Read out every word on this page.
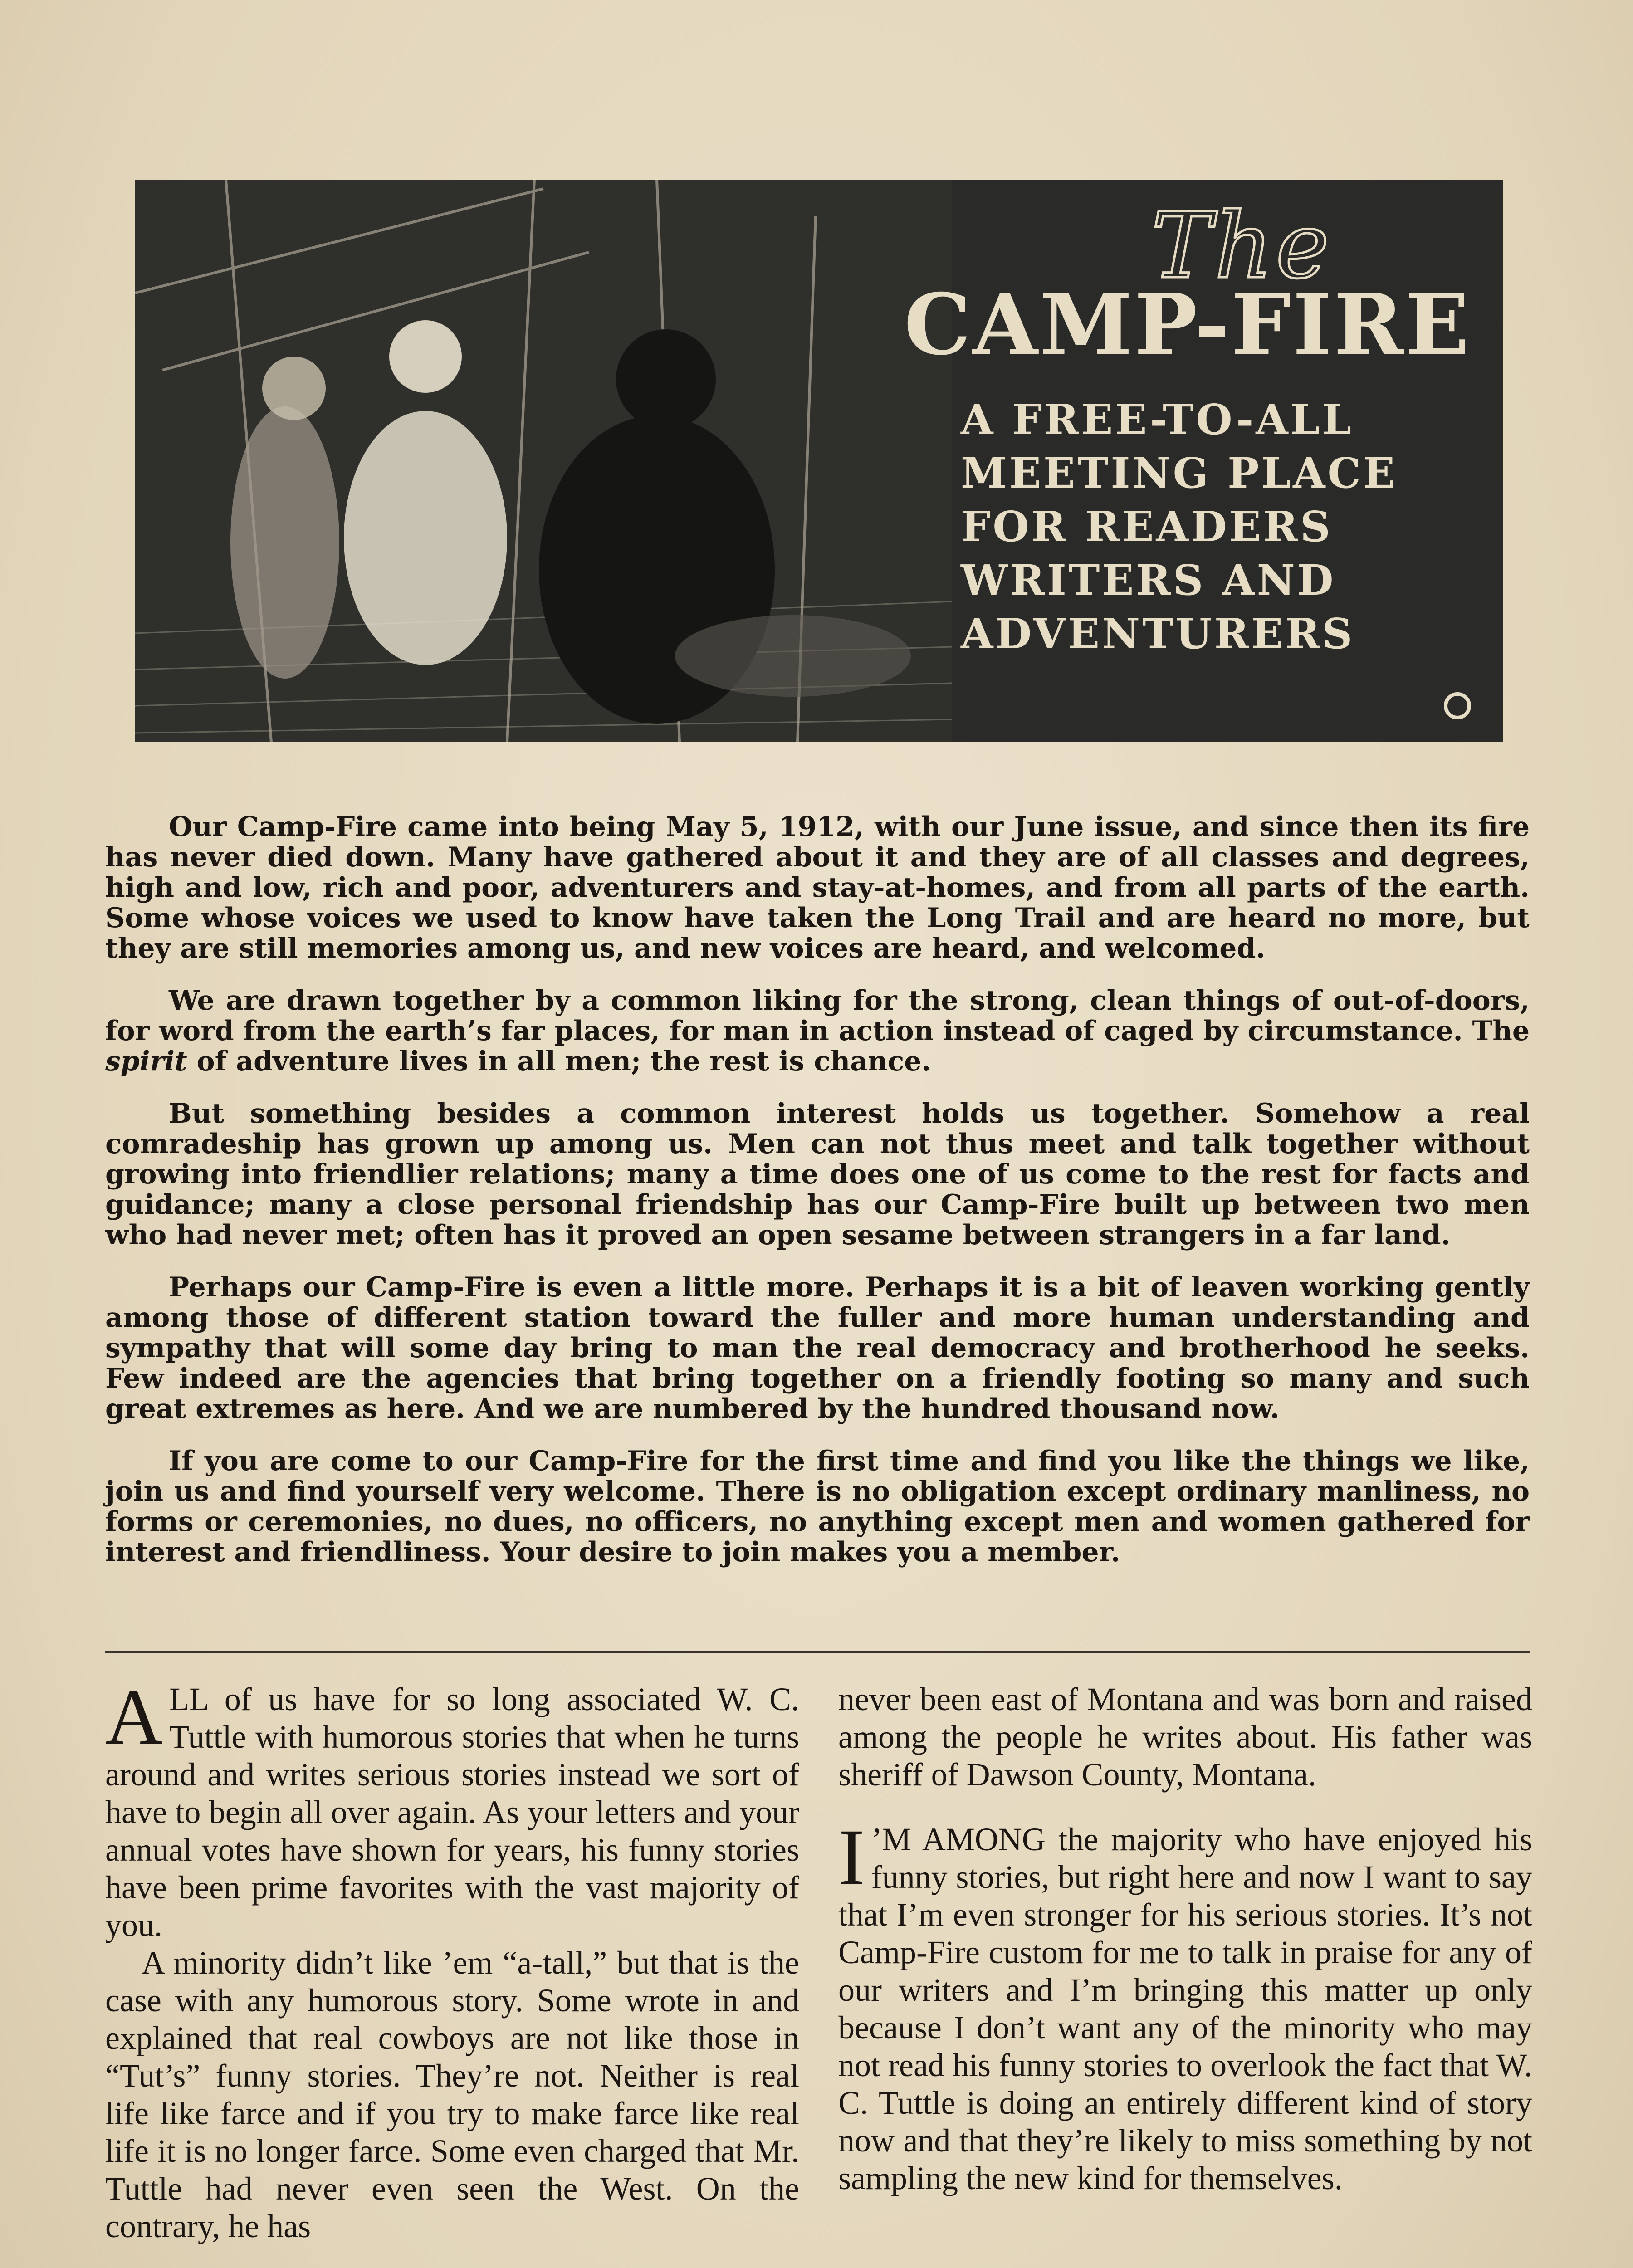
The
CAMP-FIRE
A FREE-TO-ALL
MEETING PLACE
FOR READERS
WRITERS AND
ADVENTURERS

Our Camp-Fire came into being May 5, 1912, with our June issue, and since then its fire has never died down. Many have gathered about it and they are of all classes and degrees, high and low, rich and poor, adventurers and stay-at-homes, and from all parts of the earth. Some whose voices we used to know have taken the Long Trail and are heard no more, but they are still memories among us, and new voices are heard, and welcomed.

We are drawn together by a common liking for the strong, clean things of out-of-doors, for word from the earth’s far places, for man in action instead of caged by circumstance. The spirit of adventure lives in all men; the rest is chance.

But something besides a common interest holds us together. Somehow a real comradeship has grown up among us. Men can not thus meet and talk together without growing into friendlier relations; many a time does one of us come to the rest for facts and guidance; many a close personal friendship has our Camp-Fire built up between two men who had never met; often has it proved an open sesame between strangers in a far land.

Perhaps our Camp-Fire is even a little more. Perhaps it is a bit of leaven working gently among those of different station toward the fuller and more human understanding and sympathy that will some day bring to man the real democracy and brotherhood he seeks. Few indeed are the agencies that bring together on a friendly footing so many and such great extremes as here. And we are numbered by the hundred thousand now.

If you are come to our Camp-Fire for the first time and find you like the things we like, join us and find yourself very welcome. There is no obligation except ordinary manliness, no forms or ceremonies, no dues, no officers, no anything except men and women gathered for interest and friendliness. Your desire to join makes you a member.

ALL of us have for so long associated W. C. Tuttle with humorous stories that when he turns around and writes serious stories instead we sort of have to begin all over again. As your letters and your annual votes have shown for years, his funny stories have been prime favorites with the vast majority of you.

A minority didn’t like ’em “a-tall,” but that is the case with any humorous story. Some wrote in and explained that real cowboys are not like those in “Tut’s” funny stories. They’re not. Neither is real life like farce and if you try to make farce like real life it is no longer farce. Some even charged that Mr. Tuttle had never even seen the West. On the contrary, he has

never been east of Montana and was born and raised among the people he writes about. His father was sheriff of Dawson County, Montana.

I ’M AMONG the majority who have enjoyed his funny stories, but right here and now I want to say that I’m even stronger for his serious stories. It’s not Camp-Fire custom for me to talk in praise for any of our writers and I’m bringing this matter up only because I don’t want any of the minority who may not read his funny stories to overlook the fact that W. C. Tuttle is doing an entirely different kind of story now and that they’re likely to miss something by not sampling the new kind for themselves.
